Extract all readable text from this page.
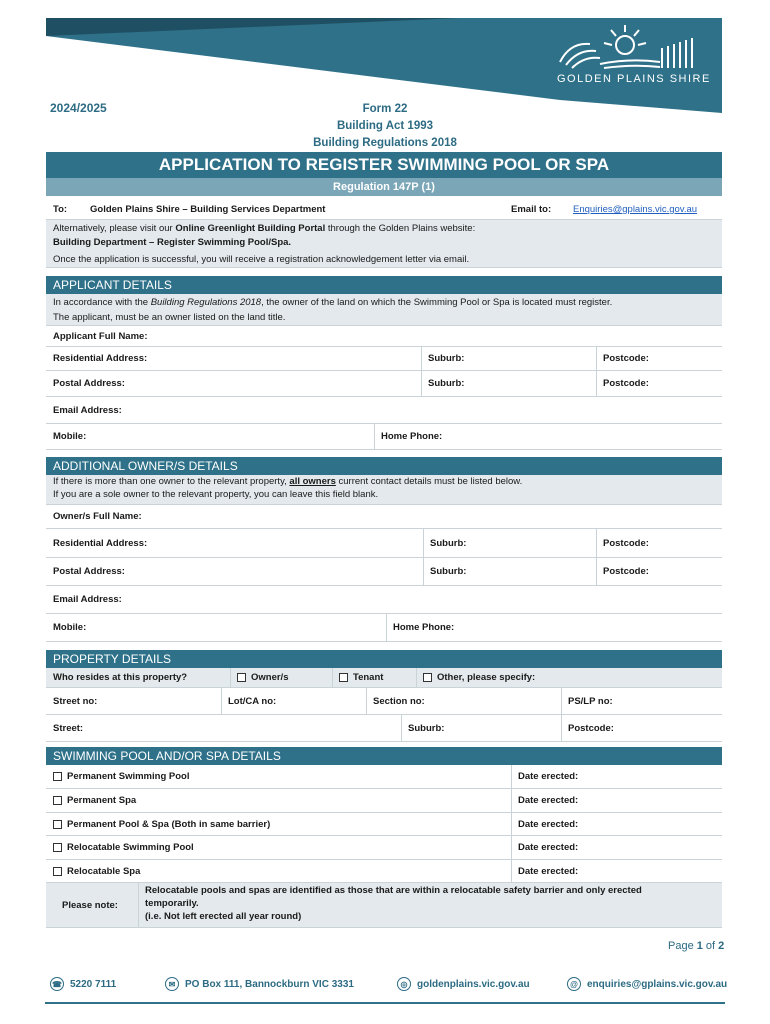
GOLDEN PLAINS SHIRE
2024/2025	Form 22
Building Act 1993
Building Regulations 2018
APPLICATION TO REGISTER SWIMMING POOL OR SPA
Regulation 147P (1)
To: Golden Plains Shire – Building Services Department	Email to: Enquiries@gplains.vic.gov.au
Alternatively, please visit our Online Greenlight Building Portal through the Golden Plains website:
Building Department – Register Swimming Pool/Spa.
Once the application is successful, you will receive a registration acknowledgement letter via email.
APPLICANT DETAILS
In accordance with the Building Regulations 2018, the owner of the land on which the Swimming Pool or Spa is located must register.
The applicant, must be an owner listed on the land title.
Applicant Full Name:
Residential Address:	Suburb:	Postcode:
Postal Address:	Suburb:	Postcode:
Email Address:
Mobile:	Home Phone:
ADDITIONAL OWNER/S DETAILS
If there is more than one owner to the relevant property, all owners current contact details must be listed below.
If you are a sole owner to the relevant property, you can leave this field blank.
Owner/s Full Name:
Residential Address:	Suburb:	Postcode:
Postal Address:	Suburb:	Postcode:
Email Address:
Mobile:	Home Phone:
PROPERTY DETAILS
Who resides at this property?	Owner/s	Tenant	Other, please specify:
Street no:	Lot/CA no:	Section no:	PS/LP no:
Street:	Suburb:	Postcode:
SWIMMING POOL AND/OR SPA DETAILS
Permanent Swimming Pool	Date erected:
Permanent Spa	Date erected:
Permanent Pool & Spa (Both in same barrier)	Date erected:
Relocatable Swimming Pool	Date erected:
Relocatable Spa	Date erected:
Please note:
Relocatable pools and spas are identified as those that are within a relocatable safety barrier and only erected
temporarily.
(i.e. Not left erected all year round)
Page 1 of 2
☎ 5220 7111	✉ PO Box 111, Bannockburn VIC 3331	◎ goldenplains.vic.gov.au	@ enquiries@gplains.vic.gov.au
